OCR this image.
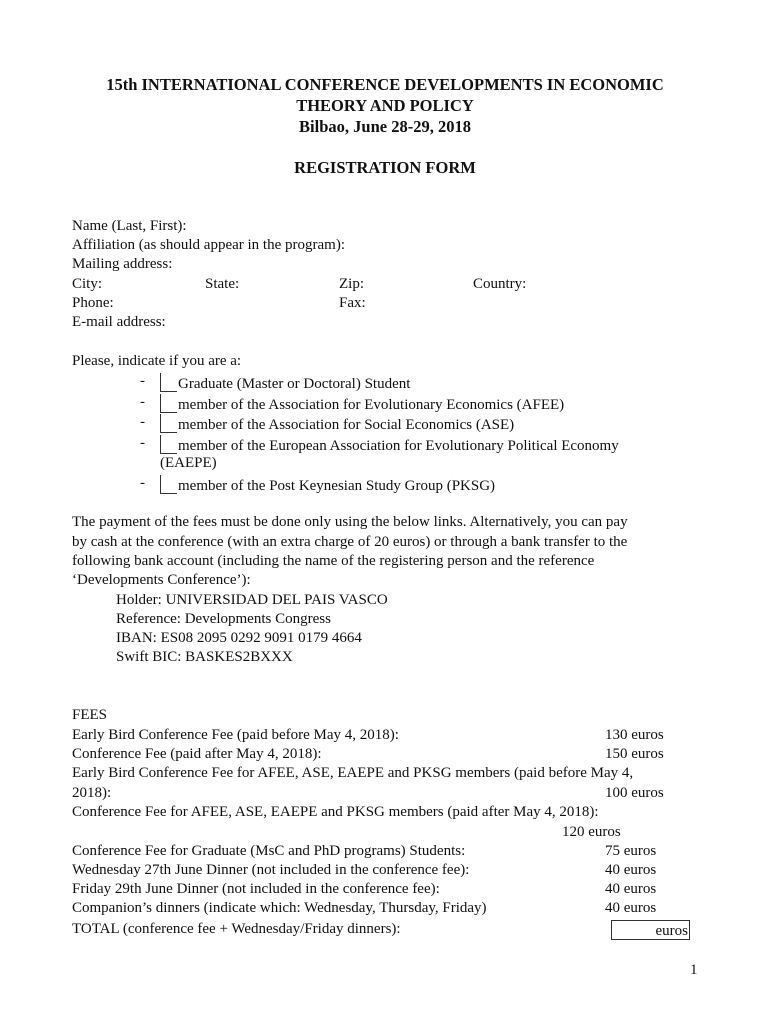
15th INTERNATIONAL CONFERENCE DEVELOPMENTS IN ECONOMIC
THEORY AND POLICY
Bilbao, June 28-29, 2018
REGISTRATION FORM
Name (Last, First):
Affiliation (as should appear in the program):
Mailing address:
City:	State:	Zip:	Country:
Phone:	Fax:
E-mail address:
Please, indicate if you are a:
-	Graduate (Master or Doctoral) Student
-	member of the Association for Evolutionary Economics (AFEE)
-	member of the Association for Social Economics (ASE)
-	member of the European Association for Evolutionary Political Economy
(EAEPE)
-	member of the Post Keynesian Study Group (PKSG)
The payment of the fees must be done only using the below links. Alternatively, you can pay
by cash at the conference (with an extra charge of 20 euros) or through a bank transfer to the
following bank account (including the name of the registering person and the reference
‘Developments Conference’):
Holder: UNIVERSIDAD DEL PAIS VASCO
Reference: Developments Congress
IBAN: ES08 2095 0292 9091 0179 4664
Swift BIC: BASKES2BXXX
FEES
Early Bird Conference Fee (paid before May 4, 2018):	130 euros
Conference Fee (paid after May 4, 2018):	150 euros
Early Bird Conference Fee for AFEE, ASE, EAEPE and PKSG members (paid before May 4,
2018):	100 euros
Conference Fee for AFEE, ASE, EAEPE and PKSG members (paid after May 4, 2018):
120 euros
Conference Fee for Graduate (MsC and PhD programs) Students:	75 euros
Wednesday 27th June Dinner (not included in the conference fee):	40 euros
Friday 29th June Dinner (not included in the conference fee):	40 euros
Companion’s dinners (indicate which: Wednesday, Thursday, Friday)	40 euros
TOTAL (conference fee + Wednesday/Friday dinners):	euros
1
